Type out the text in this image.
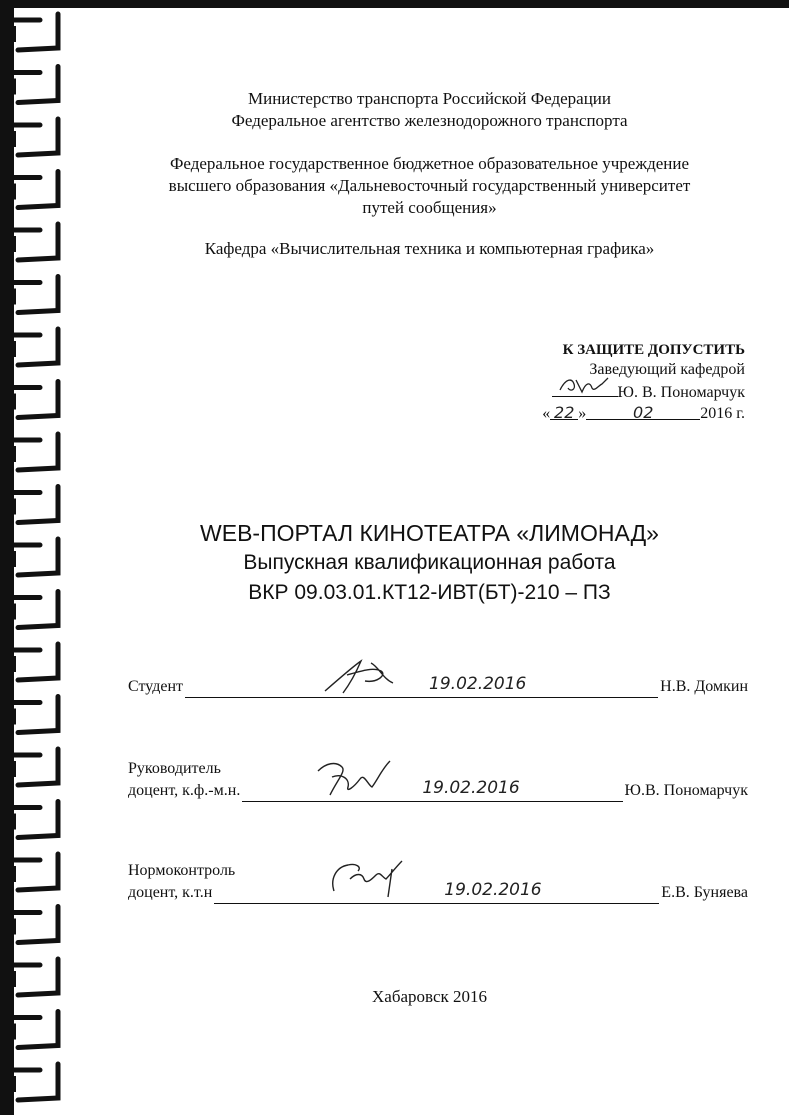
Министерство транспорта Российской Федерации
Федеральное агентство железнодорожного транспорта
Федеральное государственное бюджетное образовательное учреждение
высшего образования «Дальневосточный государственный университет
путей сообщения»
Кафедра «Вычислительная техника и компьютерная графика»
К ЗАЩИТЕ ДОПУСТИТЬ
Заведующий кафедрой
Ю. В. Пономарчук
« 22 »	02	2016 г.
WEB-ПОРТАЛ КИНОТЕАТРА «ЛИМОНАД»
Выпускная квалификационная работа
ВКР 09.03.01.КТ12-ИВТ(БТ)-210 – ПЗ
Студент	19.02.2016	Н.В. Домкин
Руководитель
доцент, к.ф.-м.н.	19.02.2016	Ю.В. Пономарчук
Нормоконтроль
доцент, к.т.н	19.02.2016	Е.В. Буняева
Хабаровск 2016
